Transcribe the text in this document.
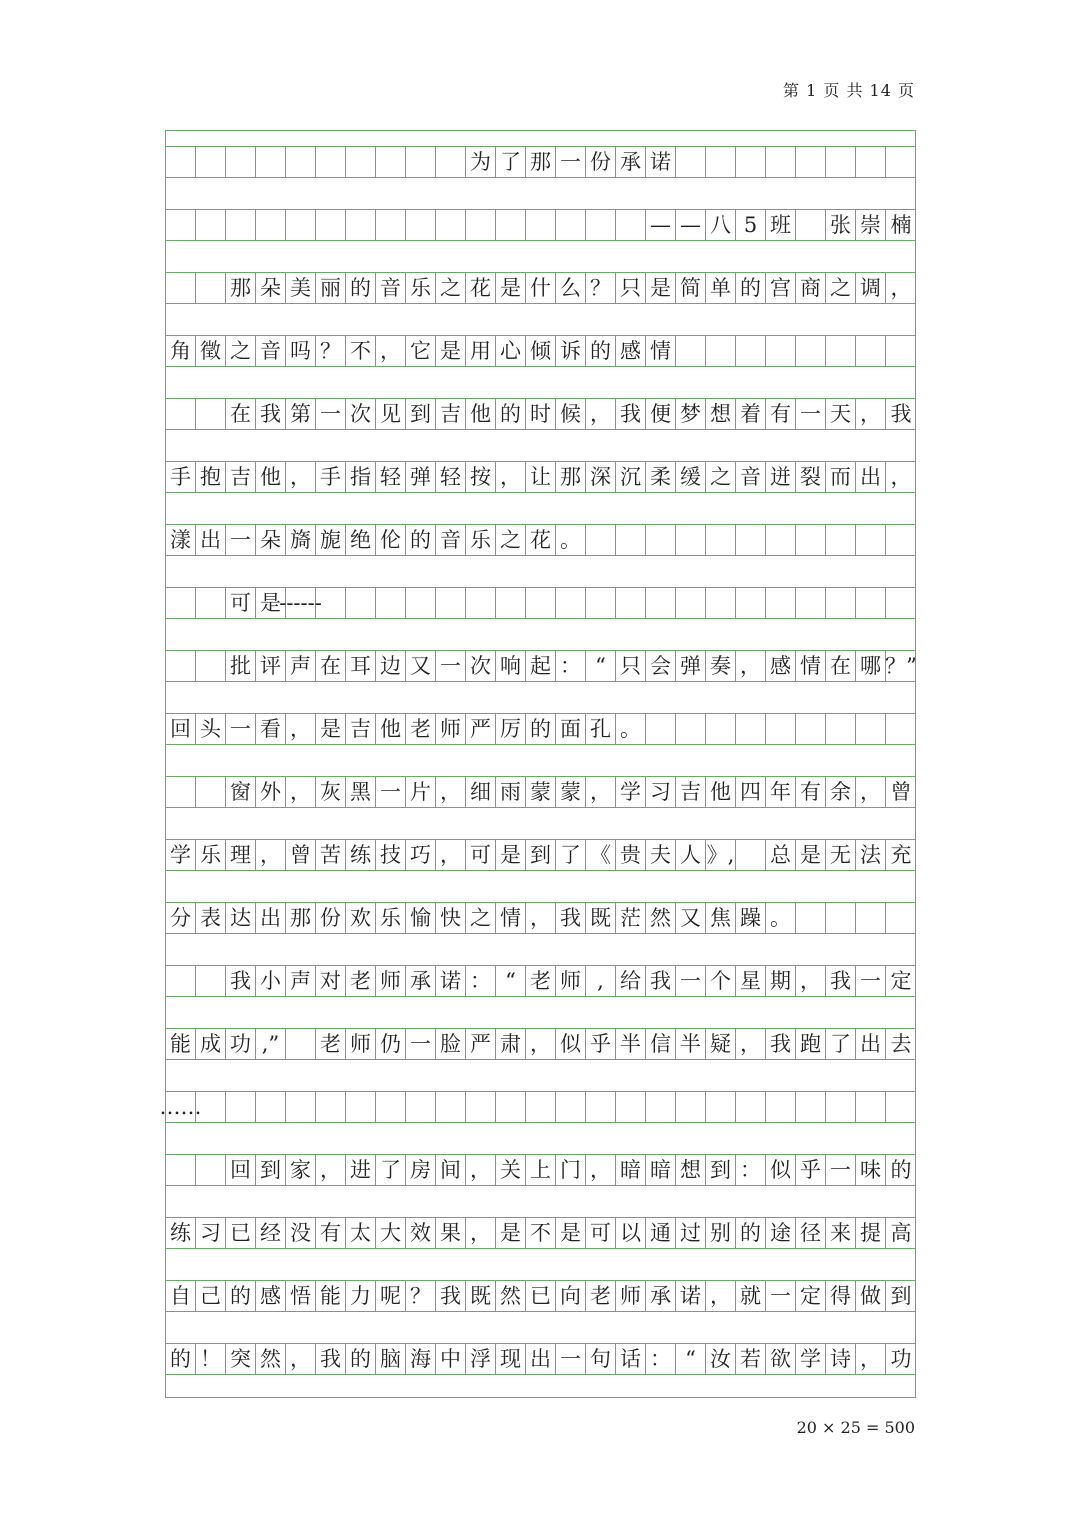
第 1 页 共 14 页
为 了 那 一 份 承 诺
— — 八 5 班 张 崇 楠
那 朵 美 丽 的 音 乐 之 花 是 什 么 ？ 只 是 简 单 的 宫 商 之 调 ，
角 徵 之 音 吗 ？ 不 ， 它 是 用 心 倾 诉 的 感 情
在 我 第 一 次 见 到 吉 他 的 时 候 ， 我 便 梦 想 着 有 一 天 ， 我
手 抱 吉 他 ， 手 指 轻 弹 轻 按 ， 让 那 深 沉 柔 缓 之 音 迸 裂 而 出 ，
漾 出 一 朵 旖 旎 绝 伦 的 音 乐 之 花 。
可 是
------
批 评 声 在 耳 边 又 一 次 响 起 ： “ 只 会 弹 奏 ， 感 情 在 哪 ？”
回 头 一 看 ， 是 吉 他 老 师 严 厉 的 面 孔 。
窗 外 ， 灰 黑 一 片 ， 细 雨 蒙 蒙 ， 学 习 吉 他 四 年 有 余 ， 曾
学 乐 理 ， 曾 苦 练 技 巧 ， 可 是 到 了 《 贵 夫 人 》, 总 是 无 法 充
分 表 达 出 那 份 欢 乐 愉 快 之 情 ， 我 既 茫 然 又 焦 躁 。
我 小 声 对 老 师 承 诺 ： “ 老 师 , 给 我 一 个 星 期 ， 我 一 定
能 成 功 ,”	老 师 仍 一 脸 严 肃 ， 似 乎 半 信 半 疑 ， 我 跑 了 出 去
……
回 到 家 ， 进 了 房 间 ， 关 上 门 ， 暗 暗 想 到 ： 似 乎 一 味 的
练 习 已 经 没 有 太 大 效 果 ， 是 不 是 可 以 通 过 别 的 途 径 来 提 高
自 己 的 感 悟 能 力 呢 ？ 我 既 然 已 向 老 师 承 诺 ， 就 一 定 得 做 到
的 ！ 突 然 ， 我 的 脑 海 中 浮 现 出 一 句 话 ： “ 汝 若 欲 学 诗 ， 功
20 × 25 = 500
